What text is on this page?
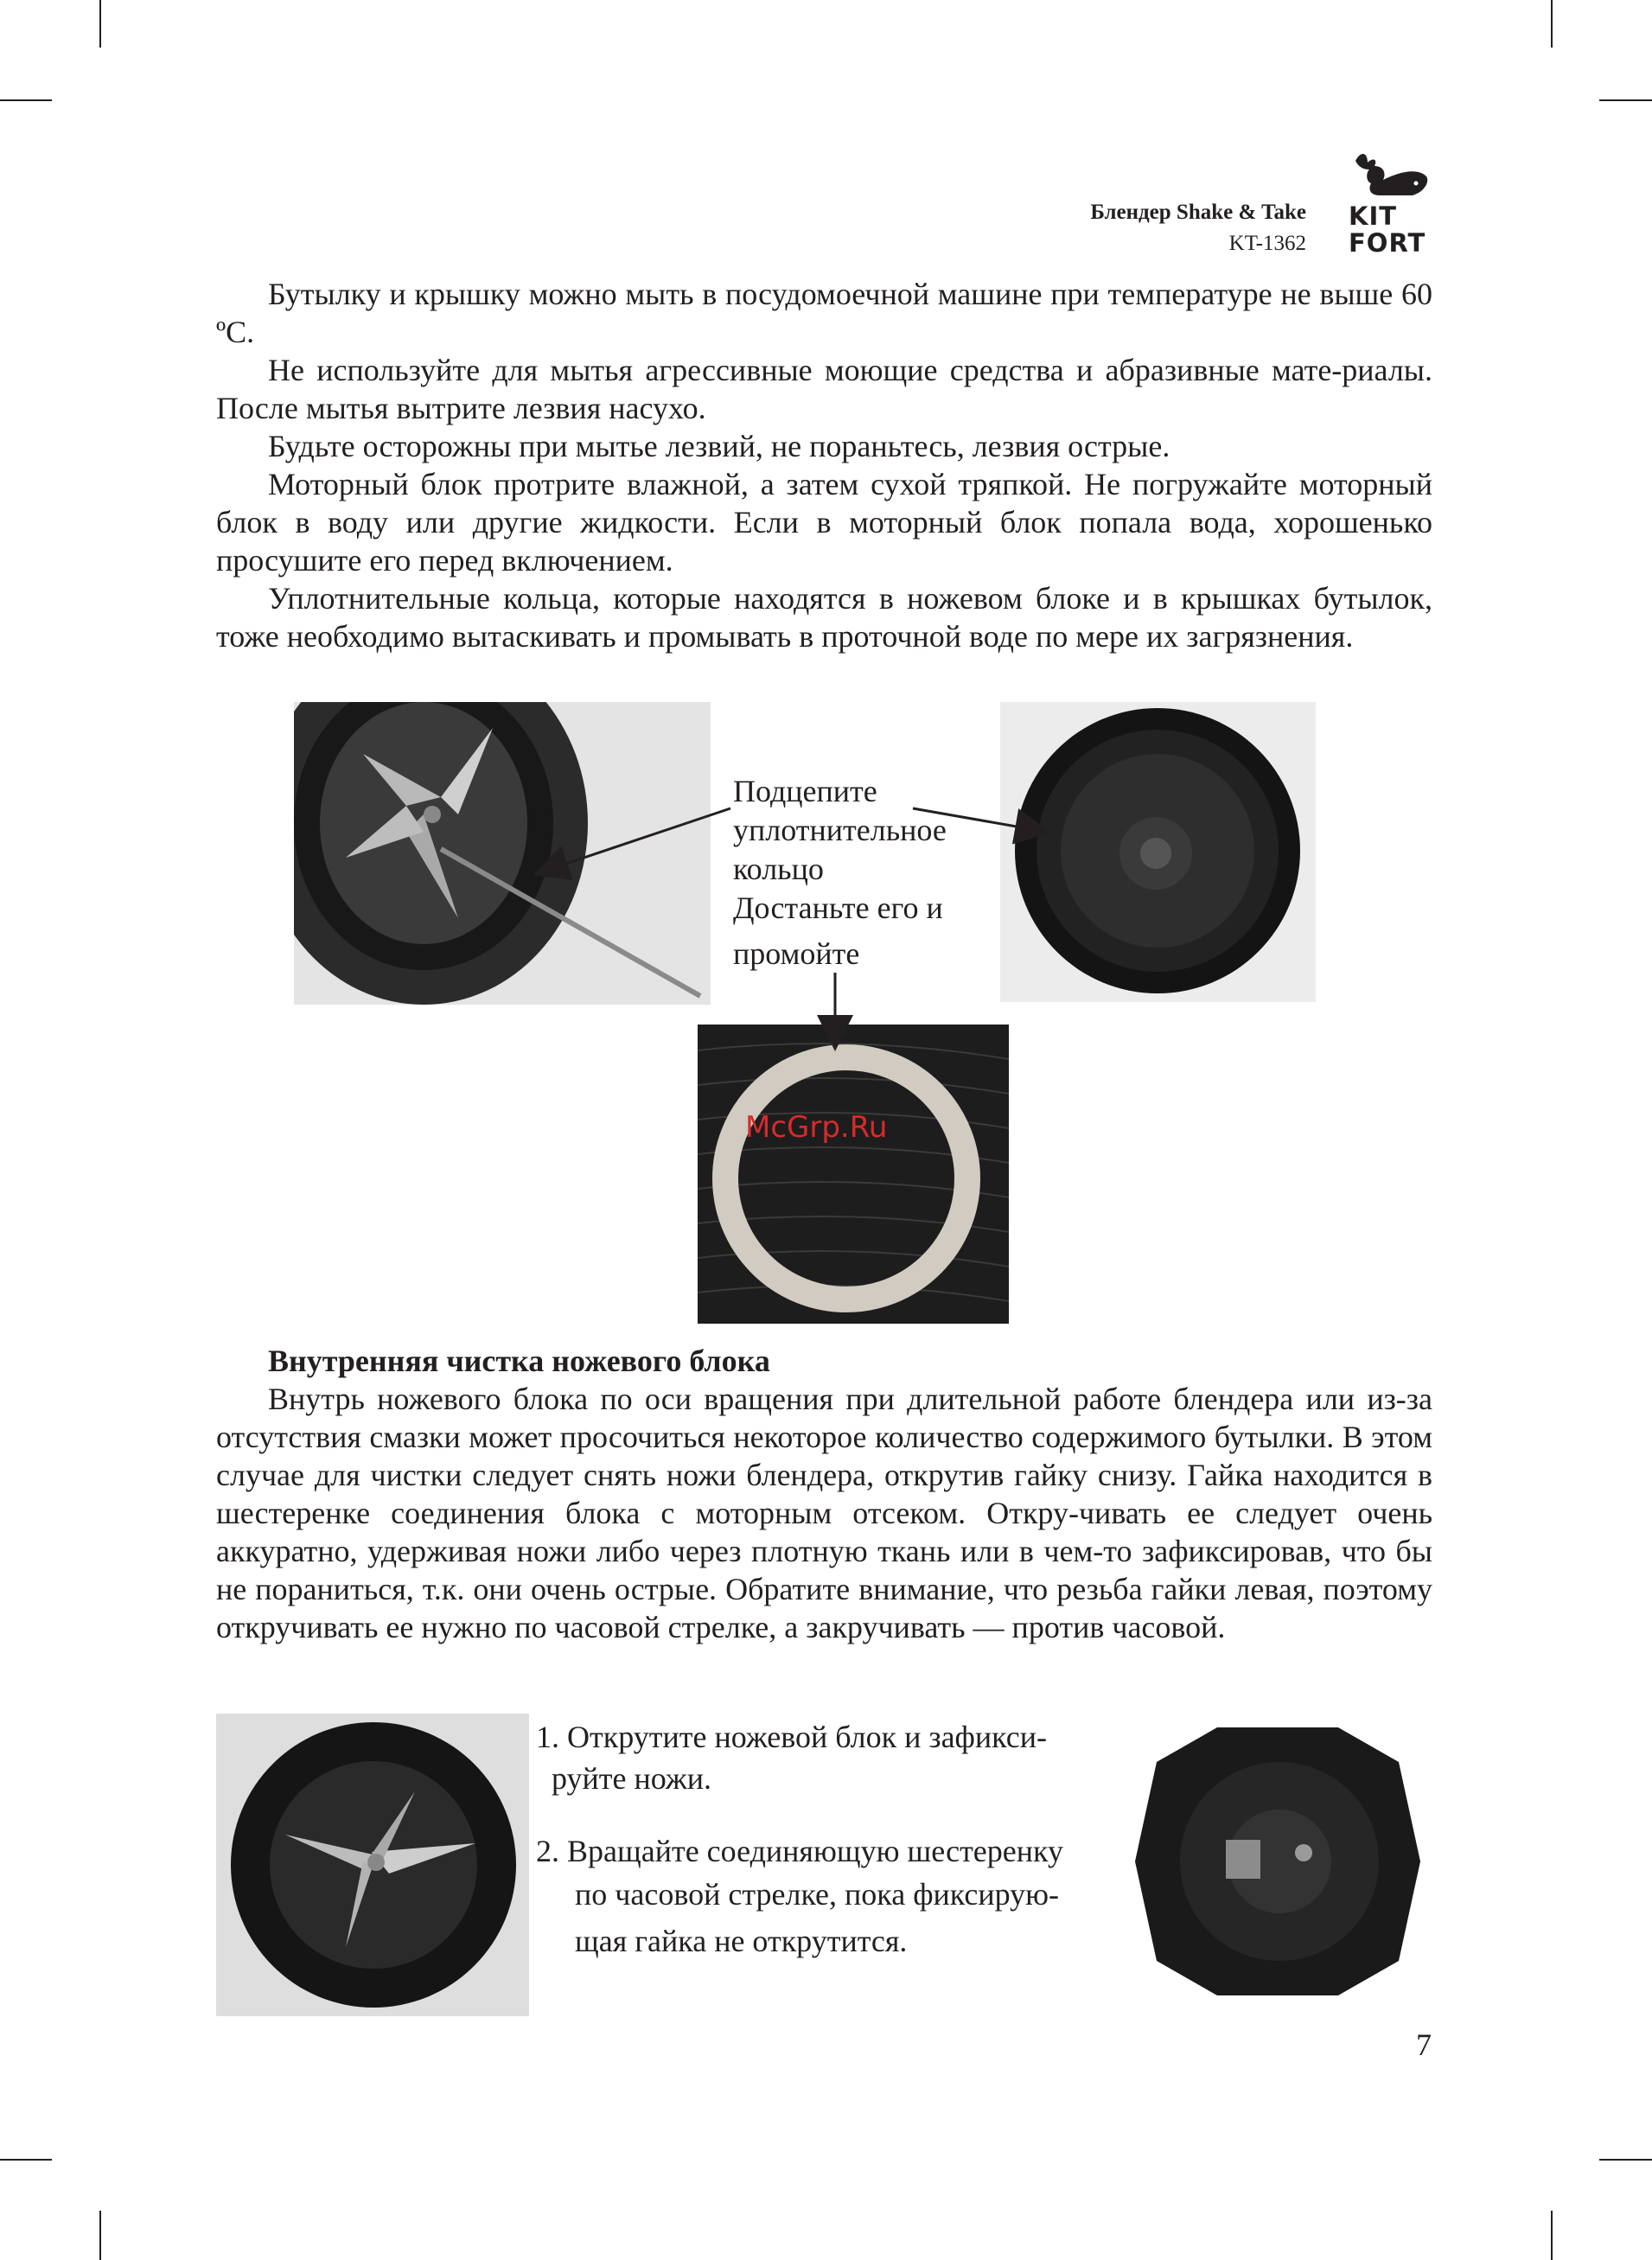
Блендер Shake & Take
KT-1362
KIT
FORT

Бутылку и крышку можно мыть в посудомоечной машине при температуре не выше 60 ºС.

Не используйте для мытья агрессивные моющие средства и абразивные мате-риалы. После мытья вытрите лезвия насухо.

Будьте осторожны при мытье лезвий, не пораньтесь, лезвия острые.

Моторный блок протрите влажной, а затем сухой тряпкой. Не погружайте моторный блок в воду или другие жидкости. Если в моторный блок попала вода, хорошенько просушите его перед включением.

Уплотнительные кольца, которые находятся в ножевом блоке и в крышках бутылок, тоже необходимо вытаскивать и промывать в проточной воде по мере их загрязнения.

McGrp.Ru
Подцепите
уплотнительное
кольцо
Достаньте его и
промойте
Внутренняя чистка ножевого блока

Внутрь ножевого блока по оси вращения при длительной работе блендера или из-за отсутствия смазки может просочиться некоторое количество содержимого бутылки. В этом случае для чистки следует снять ножи блендера, открутив гайку снизу. Гайка находится в шестеренке соединения блока с моторным отсеком. Откру-чивать ее следует очень аккуратно, удерживая ножи либо через плотную ткань или в чем-то зафиксировав, что бы не пораниться, т.к. они очень острые. Обратите внимание, что резьба гайки левая, поэтому откручивать ее нужно по часовой стрелке, а закручивать — против часовой.

1. Открутите ножевой блок и зафикси-
руйте ножи.
2. Вращайте соединяющую шестеренку
по часовой стрелке, пока фиксирую-
щая гайка не открутится.
7
